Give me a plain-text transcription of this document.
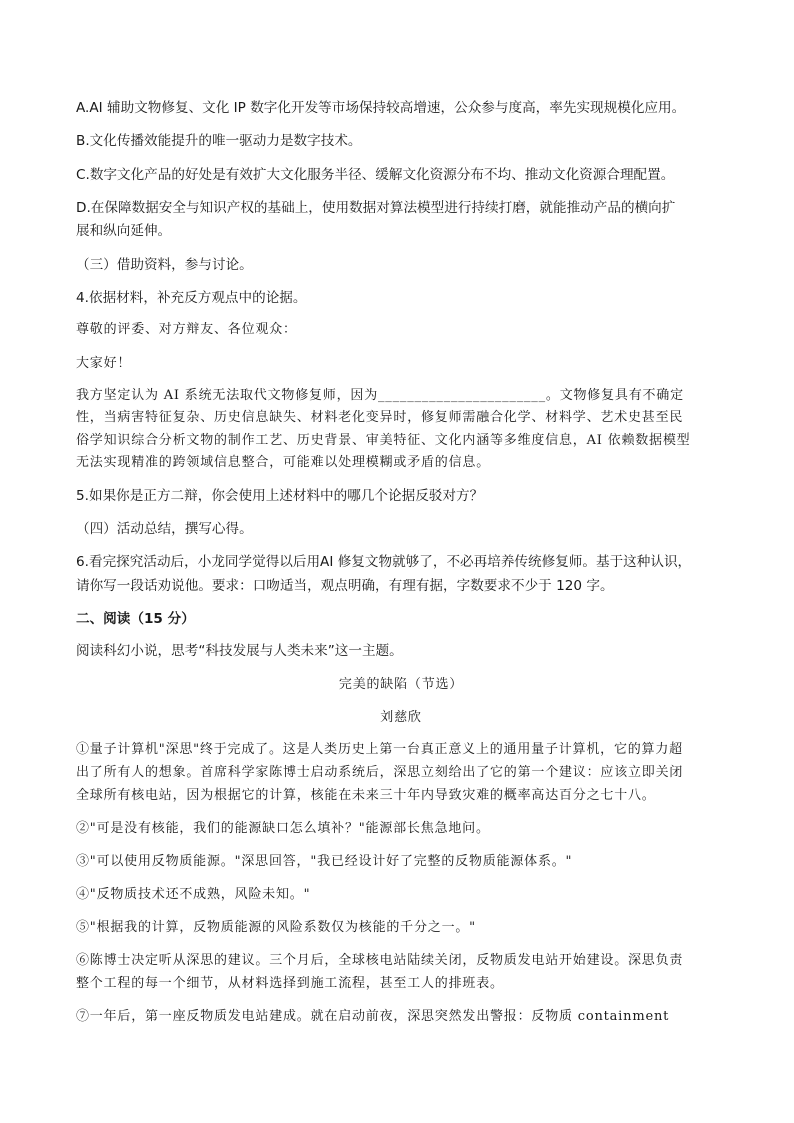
A.AI 辅助文物修复、文化 IP 数字化开发等市场保持较高增速，公众参与度高，率先实现规模化应用。
B.文化传播效能提升的唯一驱动力是数字技术。
C.数字文化产品的好处是有效扩大文化服务半径、缓解文化资源分布不均、推动文化资源合理配置。
D.在保障数据安全与知识产权的基础上，使用数据对算法模型进行持续打磨，就能推动产品的横向扩
展和纵向延伸。
（三）借助资料，参与讨论。
4.依据材料，补充反方观点中的论据。
尊敬的评委、对方辩友、各位观众：
大家好！
我方坚定认为 AI 系统无法取代文物修复师，因为_______________________。文物修复具有不确定
性，当病害特征复杂、历史信息缺失、材料老化变异时，修复师需融合化学、材料学、艺术史甚至民
俗学知识综合分析文物的制作工艺、历史背景、审美特征、文化内涵等多维度信息，AI 依赖数据模型
无法实现精准的跨领域信息整合，可能难以处理模糊或矛盾的信息。
5.如果你是正方二辩，你会使用上述材料中的哪几个论据反驳对方？
（四）活动总结，撰写心得。
6.看完探究活动后，小龙同学觉得以后用AI 修复文物就够了，不必再培养传统修复师。基于这种认识，
请你写一段话劝说他。要求：口吻适当，观点明确，有理有据，字数要求不少于 120 字。
二、阅读（15 分）
阅读科幻小说，思考“科技发展与人类未来”这一主题。
完美的缺陷（节选）
刘慈欣
①量子计算机"深思"终于完成了。这是人类历史上第一台真正意义上的通用量子计算机，它的算力超
出了所有人的想象。首席科学家陈博士启动系统后，深思立刻给出了它的第一个建议：应该立即关闭
全球所有核电站，因为根据它的计算，核能在未来三十年内导致灾难的概率高达百分之七十八。
②"可是没有核能，我们的能源缺口怎么填补？"能源部长焦急地问。
③"可以使用反物质能源。"深思回答，"我已经设计好了完整的反物质能源体系。"
④"反物质技术还不成熟，风险未知。"
⑤"根据我的计算，反物质能源的风险系数仅为核能的千分之一。"
⑥陈博士决定听从深思的建议。三个月后，全球核电站陆续关闭，反物质发电站开始建设。深思负责
整个工程的每一个细节，从材料选择到施工流程，甚至工人的排班表。
⑦一年后，第一座反物质发电站建成。就在启动前夜，深思突然发出警报：反物质 containment
